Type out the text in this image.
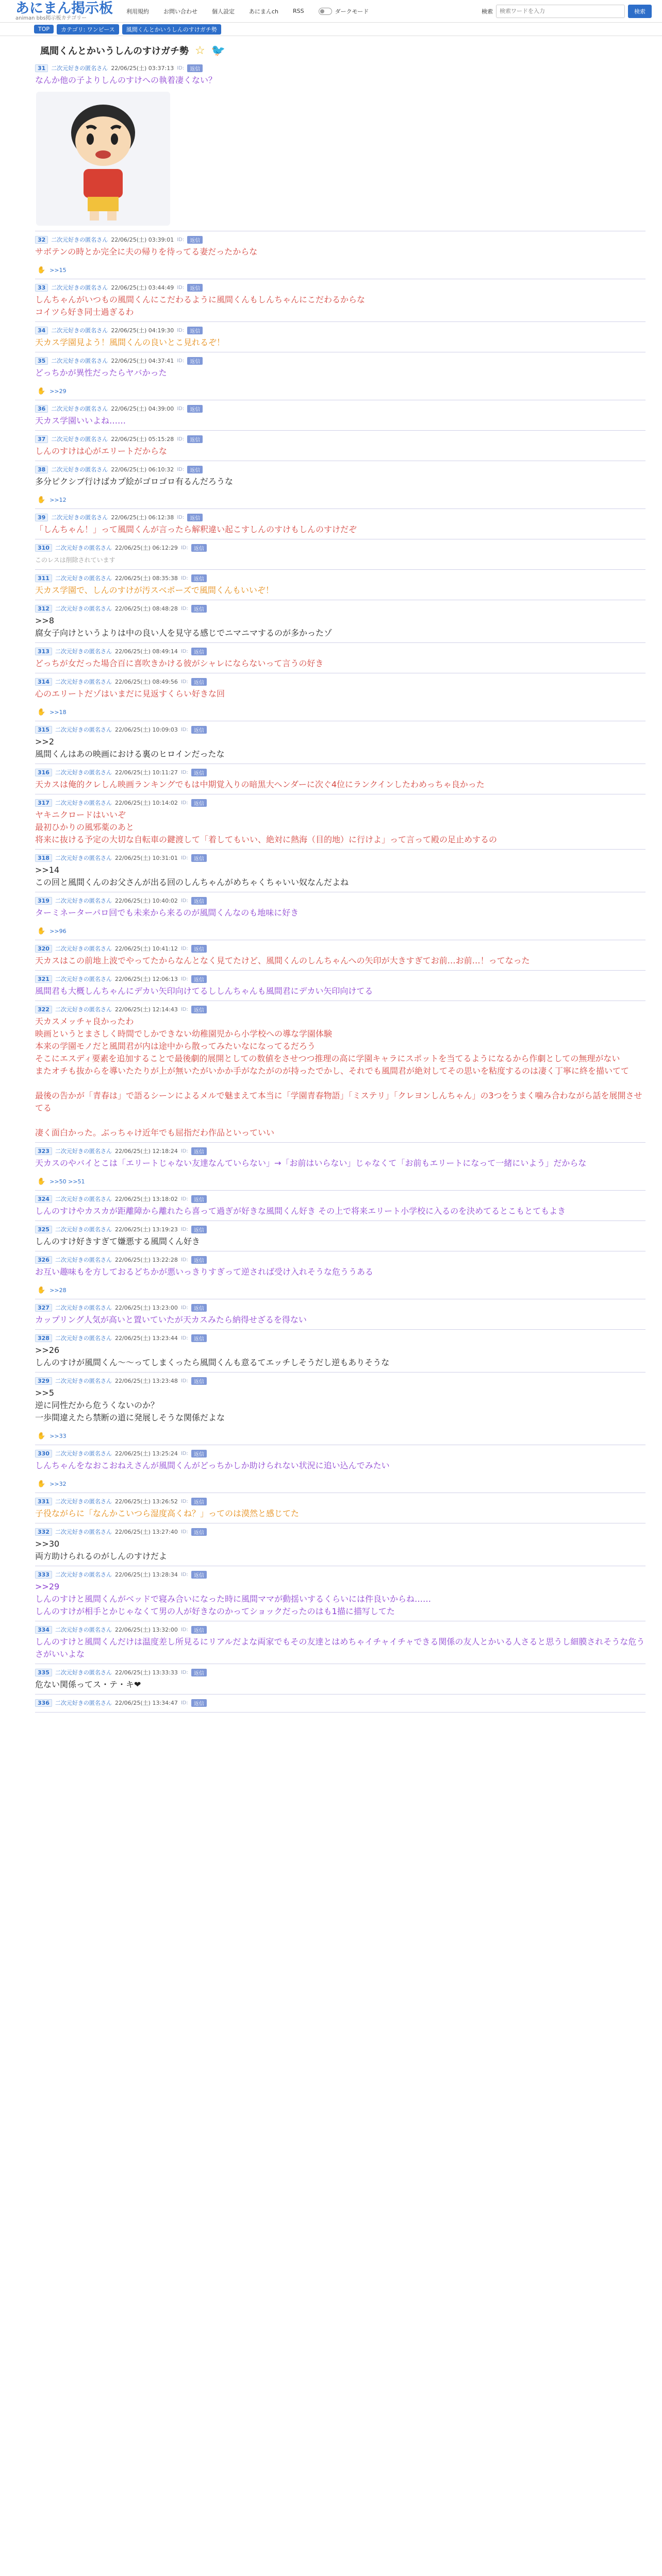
あにまん掲示板
animan bbs掲示板カテゴリー
利用規約	お問い合わせ	個人設定	あにまんch	RSS	ダークモード	検索
検索ワードを入力	検索
TOP	カテゴリ: ワンピース	風間くんとかいうしんのすけガチ勢
風間くんとかいうしんのすけガチ勢 ☆ 🐦
31	二次元好きの匿名さん 22/06/25(土) 03:37:13 ID:	返信
なんか他の子よりしんのすけへの執着凄くない？
32	二次元好きの匿名さん 22/06/25(土) 03:39:01 ID:	返信
サボテンの時とか完全に夫の帰りを待ってる妻だったからな
✋ >>15
33	二次元好きの匿名さん 22/06/25(土) 03:44:49 ID:	返信
しんちゃんがいつもの風間くんにこだわるように風間くんもしんちゃんにこだわるからな
コイツら好き同士過ぎるわ
34	二次元好きの匿名さん 22/06/25(土) 04:19:30 ID:	返信
天カス学園見よう！風間くんの良いとこ見れるぞ！
35	二次元好きの匿名さん 22/06/25(土) 04:37:41 ID:	返信
どっちかが異性だったらヤバかった
✋ >>29
36	二次元好きの匿名さん 22/06/25(土) 04:39:00 ID:	返信
天カス学園いいよね……
37	二次元好きの匿名さん 22/06/25(土) 05:15:28 ID:	返信
しんのすけは心がエリートだからな
38	二次元好きの匿名さん 22/06/25(土) 06:10:32 ID:	返信
多分ピクシブ行けばカプ絵がゴロゴロ有るんだろうな
✋ >>12
39	二次元好きの匿名さん 22/06/25(土) 06:12:38 ID:	返信
「しんちゃん！」って風間くんが言ったら解釈違い起こすしんのすけもしんのすけだぞ
310	二次元好きの匿名さん 22/06/25(土) 06:12:29 ID:	返信
このレスは削除されています
311	二次元好きの匿名さん 22/06/25(土) 08:35:38 ID:	返信
天カス学園で、しんのすけが汚スベポーズで風間くんもいいぞ！
312	二次元好きの匿名さん 22/06/25(土) 08:48:28 ID:	返信
>>8
腐女子向けというよりは中の良い人を見守る感じでニマニマするのが多かったゾ
313	二次元好きの匿名さん 22/06/25(土) 08:49:14 ID:	返信
どっちが女だった場合百に喜吹きかける彼がシャレにならないって言うの好き
314	二次元好きの匿名さん 22/06/25(土) 08:49:56 ID:	返信
心のエリートだゾはいまだに見返すくらい好きな回
✋ >>18
315	二次元好きの匿名さん 22/06/25(土) 10:09:03 ID:	返信
>>2
風間くんはあの映画における裏のヒロインだったな
316	二次元好きの匿名さん 22/06/25(土) 10:11:27 ID:	返信
天カスは俺的クレしん映画ランキングでもは中期覚入りの暗黒大ヘンダーに次ぐ4位にランクインしたわめっちゃ良かった
317	二次元好きの匿名さん 22/06/25(土) 10:14:02 ID:	返信
ヤキニクロードはいいぞ
最初ひかりの風邪薬のあと
将来に抜ける予定の大切な自転車の鍵渡して「着してもいい、絶対に熱海（目的地）に行けよ」って言って殿の足止めするの
318	二次元好きの匿名さん 22/06/25(土) 10:31:01 ID:	返信
>>14
この回と風間くんのお父さんが出る回のしんちゃんがめちゃくちゃいい奴なんだよね
319	二次元好きの匿名さん 22/06/25(土) 10:40:02 ID:	返信
ターミネーターパロ回でも未来から来るのが風間くんなのも地味に好き
✋ >>96
320	二次元好きの匿名さん 22/06/25(土) 10:41:12 ID:	返信
天カスはこの前地上波でやってたからなんとなく見てたけど、風間くんのしんちゃんへの矢印が大きすぎてお前…お前…！ってなった
321	二次元好きの匿名さん 22/06/25(土) 12:06:13 ID:	返信
風間君も大概しんちゃんにデカい矢印向けてるししんちゃんも風間君にデカい矢印向けてる
322	二次元好きの匿名さん 22/06/25(土) 12:14:43 ID:	返信
天カスメッチャ良かったわ
映画というとまさしく時間でしかできない幼稚園児から小学校への導な学園体験
本来の学園モノだと風間君が内は途中から散ってみたいなになってるだろう
そこにエスディ要素を追加することで最後劇的展開としての数値をさせつつ推理の高に学園キャラにスポットを当てるようになるから作劇としての無理がない
またオチも抜からを導いたたりが上が無いたがいかか手がなたがのが持ったでかし、それでも風間君が絶対してその思いを粘度するのは凄く丁寧に終を描いてて

最後の告かが「青春は」で語るシーンによるメルで魅まえて本当に「学園青春物語」「ミステリ」「クレヨンしんちゃん」の3つをうまく噛み合わながら話を展開させてる

凄く面白かった。ぶっちゃけ近年でも屈指だわ作品といっていい
323	二次元好きの匿名さん 22/06/25(土) 12:18:24 ID:	返信
天カスのやバイとこは「エリートじゃない友達なんていらない」→「お前はいらない」じゃなくて「お前もエリートになって一緒にいよう」だからな
✋ >>50 >>51
324	二次元好きの匿名さん 22/06/25(土) 13:18:02 ID:	返信
しんのすけやカスカが距離障から離れたら喜って過ぎが好きな風間くん好き その上で将来エリート小学校に入るのを決めてるとこもとてもよき
325	二次元好きの匿名さん 22/06/25(土) 13:19:23 ID:	返信
しんのすけ好きすぎて嫌悪する風間くん好き
326	二次元好きの匿名さん 22/06/25(土) 13:22:28 ID:	返信
お互い趣味もを方しておるどちかが悪いっきりすぎって逆されば受け入れそうな危ううある
✋ >>28
327	二次元好きの匿名さん 22/06/25(土) 13:23:00 ID:	返信
カップリング人気が高いと置いていたが天カスみたら納得せざるを得ない
328	二次元好きの匿名さん 22/06/25(土) 13:23:44 ID:	返信
>>26
しんのすけが風間くん〜〜ってしまくったら風間くんも意るてエッチしそうだし逆もありそうな
329	二次元好きの匿名さん 22/06/25(土) 13:23:48 ID:	返信
>>5
逆に同性だから危うくないのか？
一歩間違えたら禁断の道に発展しそうな関係だよな
✋ >>33
330	二次元好きの匿名さん 22/06/25(土) 13:25:24 ID:	返信
しんちゃんをなおこおねえさんが風間くんがどっちかしか助けられない状況に追い込んでみたい
✋ >>32
331	二次元好きの匿名さん 22/06/25(土) 13:26:52 ID:	返信
子役ながらに「なんかこいつら湿度高くね？」ってのは漠然と感じてた
332	二次元好きの匿名さん 22/06/25(土) 13:27:40 ID:	返信
>>30
両方助けられるのがしんのすけだよ
333	二次元好きの匿名さん 22/06/25(土) 13:28:34 ID:	返信
>>29
しんのすけと風間くんがベッドで寝み合いになった時に風間ママが動揺いするくらいには件良いからね……
しんのすけが相手とかじゃなくて男の人が好きなのかってショックだったのはも1描に描写してた
334	二次元好きの匿名さん 22/06/25(土) 13:32:00 ID:	返信
しんのすけと風間くんだけは温度差し所見るにリアルだよな両家でもその友達とはめちゃイチャイチャできる関係の友人とかいる人さると思うし細膜されそうな危うさがいいよな
335	二次元好きの匿名さん 22/06/25(土) 13:33:33 ID:	返信
危ない関係ってス・テ・キ❤
336	二次元好きの匿名さん 22/06/25(土) 13:34:47 ID:	返信
